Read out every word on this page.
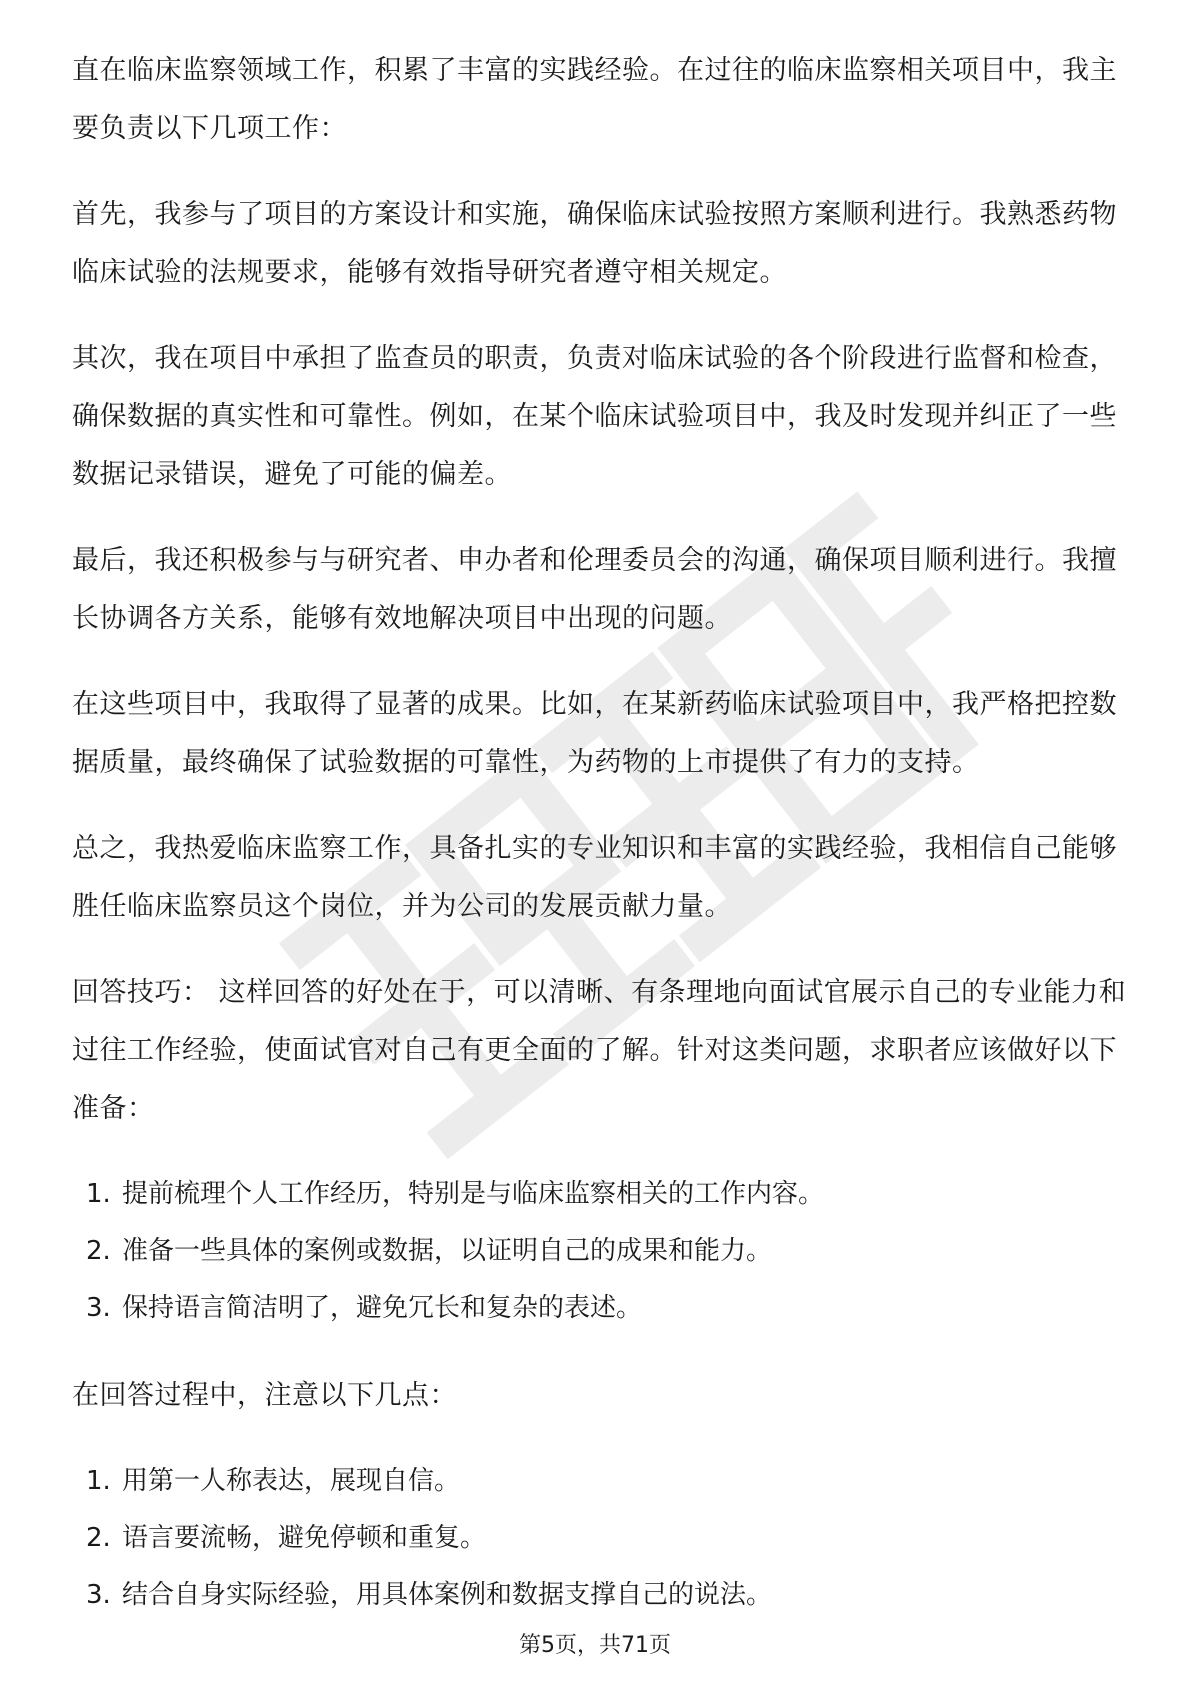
直在临床监察领域工作，积累了丰富的实践经验。在过往的临床监察相关项目中，我主要负责以下几项工作：

首先，我参与了项目的方案设计和实施，确保临床试验按照方案顺利进行。我熟悉药物临床试验的法规要求，能够有效指导研究者遵守相关规定。

其次，我在项目中承担了监查员的职责，负责对临床试验的各个阶段进行监督和检查，确保数据的真实性和可靠性。例如，在某个临床试验项目中，我及时发现并纠正了一些数据记录错误，避免了可能的偏差。

最后，我还积极参与与研究者、申办者和伦理委员会的沟通，确保项目顺利进行。我擅长协调各方关系，能够有效地解决项目中出现的问题。

在这些项目中，我取得了显著的成果。比如，在某新药临床试验项目中，我严格把控数据质量，最终确保了试验数据的可靠性，为药物的上市提供了有力的支持。

总之，我热爱临床监察工作，具备扎实的专业知识和丰富的实践经验，我相信自己能够胜任临床监察员这个岗位，并为公司的发展贡献力量。

回答技巧： 这样回答的好处在于，可以清晰、有条理地向面试官展示自己的专业能力和过往工作经验，使面试官对自己有更全面的了解。针对这类问题，求职者应该做好以下准备：

1. 提前梳理个人工作经历，特别是与临床监察相关的工作内容。
2. 准备一些具体的案例或数据，以证明自己的成果和能力。
3. 保持语言简洁明了，避免冗长和复杂的表述。

在回答过程中，注意以下几点：

1. 用第一人称表达，展现自信。
2. 语言要流畅，避免停顿和重复。
3. 结合自身实际经验，用具体案例和数据支撑自己的说法。
第5页，共71页
